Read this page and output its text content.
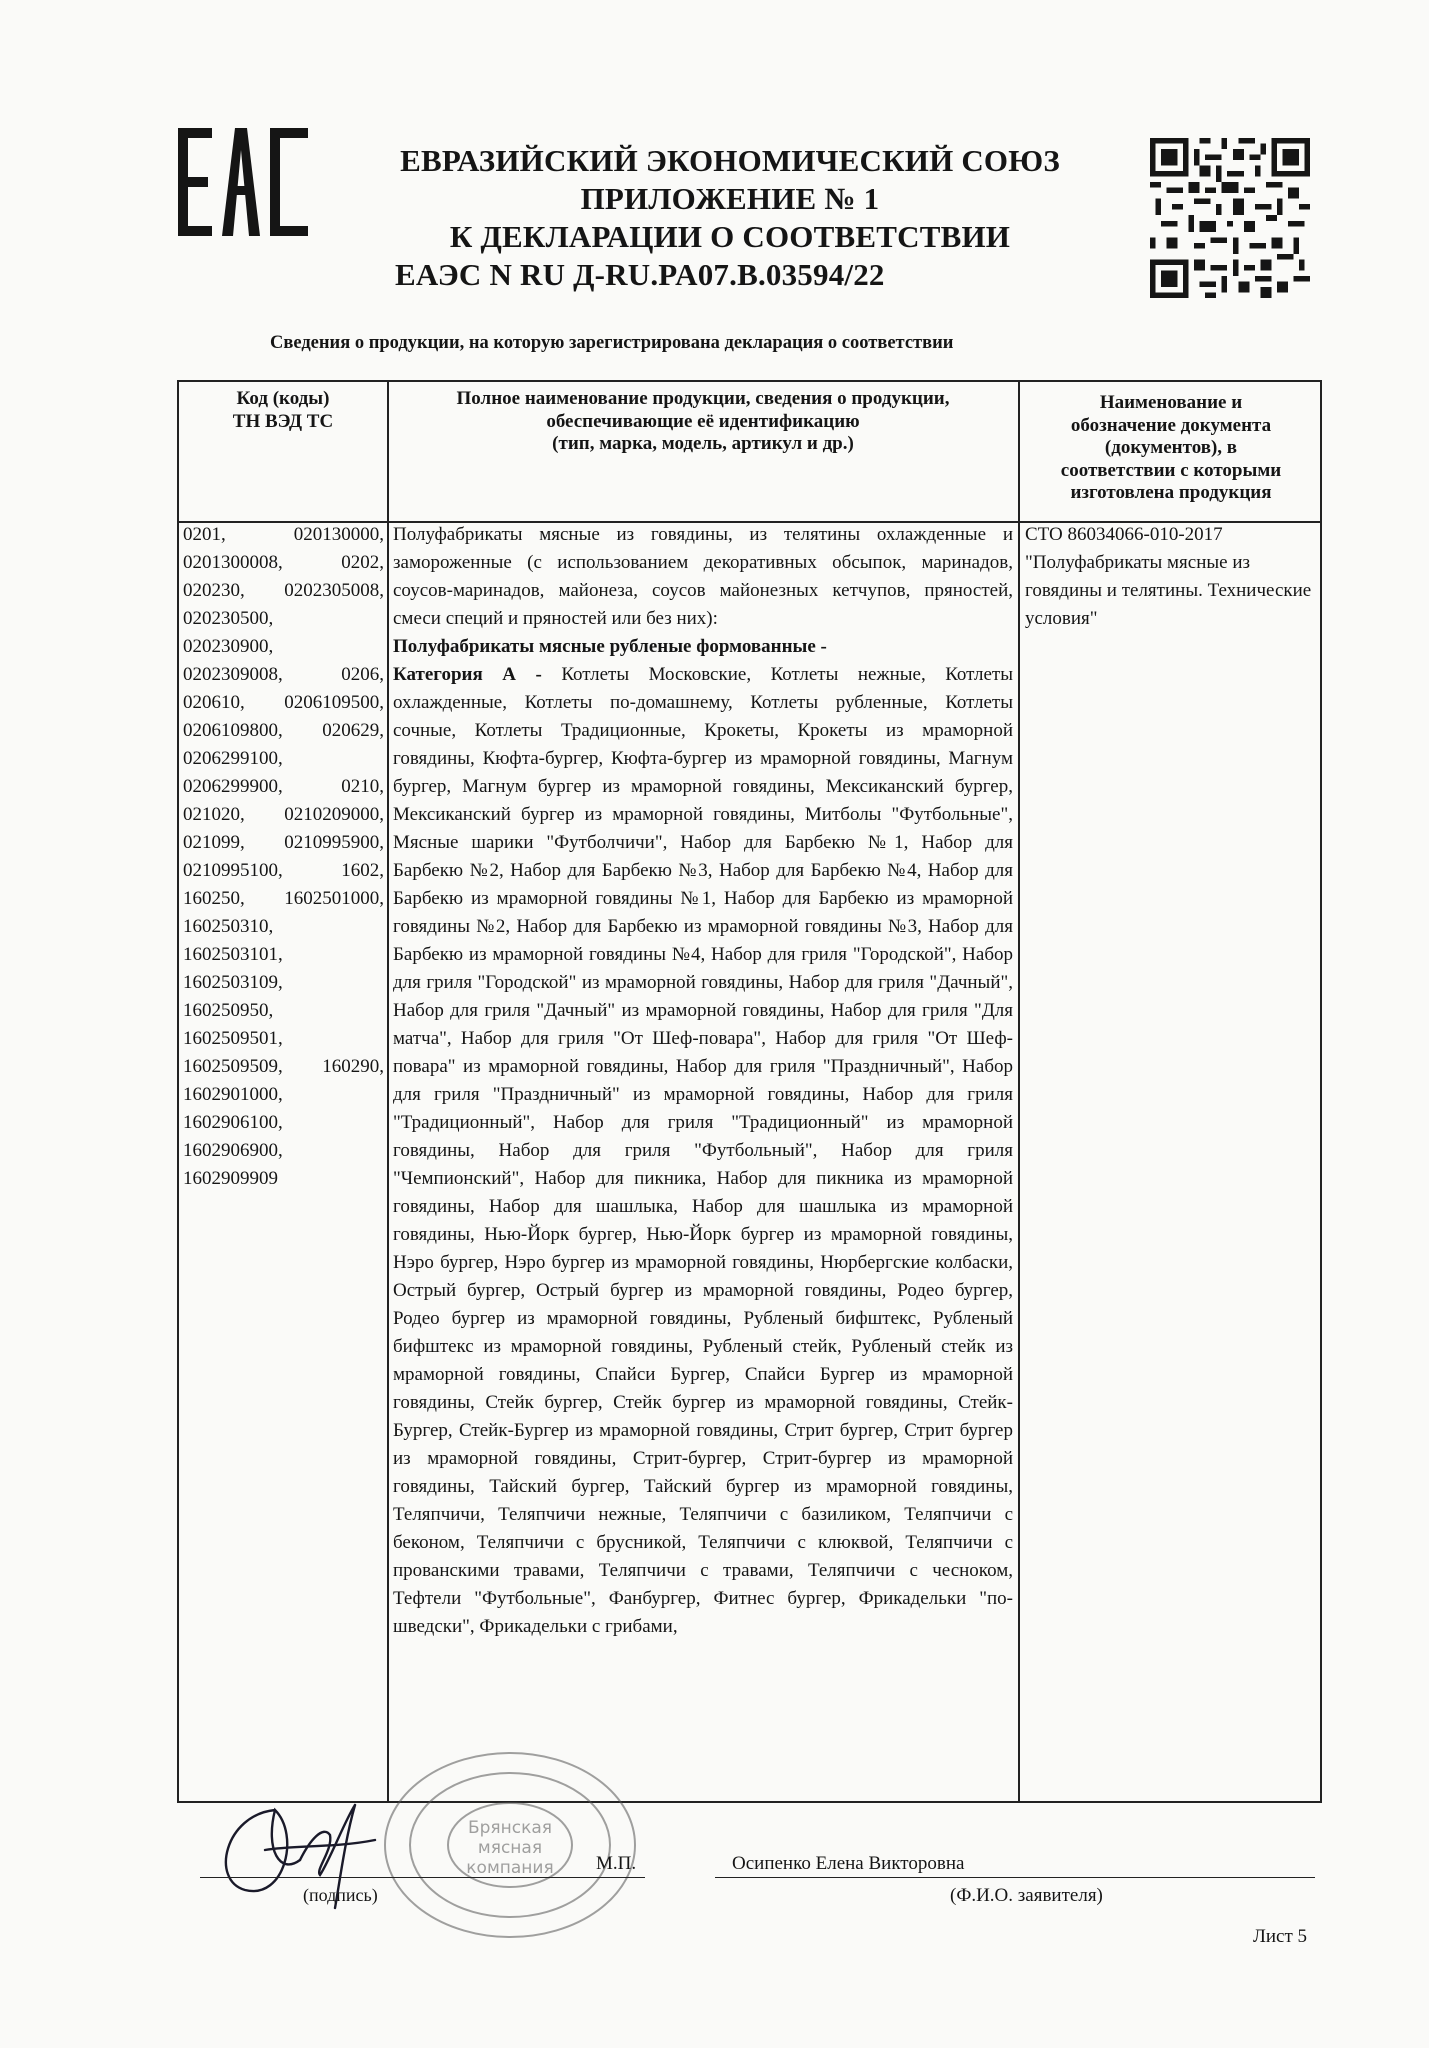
ЕВРАЗИЙСКИЙ ЭКОНОМИЧЕСКИЙ СОЮЗ
ПРИЛОЖЕНИЕ № 1
К ДЕКЛАРАЦИИ О СООТВЕТСТВИИ
ЕАЭС N RU Д-RU.PA07.B.03594/22
Сведения о продукции, на которую зарегистрирована декларация о соответствии
Код (коды)
ТН ВЭД ТС
Полное наименование продукции, сведения о продукции,
обеспечивающие её идентификацию
(тип, марка, модель, артикул и др.)
Наименование и
обозначение документа
(документов), в
соответствии с которыми
изготовлена продукция
0201, 020130000,
0201300008, 0202,
020230, 0202305008,
020230500,
020230900,
0202309008, 0206,
020610, 0206109500,
0206109800, 020629,
0206299100,
0206299900, 0210,
021020, 0210209000,
021099, 0210995900,
0210995100, 1602,
160250, 1602501000,
160250310,
1602503101,
1602503109,
160250950,
1602509501,
1602509509, 160290,
1602901000,
1602906100,
1602906900,
1602909909

Полуфабрикаты мясные из говядины, из телятины охлажденные и замороженные (с использованием декоративных обсыпок, маринадов, соусов-маринадов, майонеза, соусов майонезных кетчупов, пряностей, смеси специй и пряностей или без них):

Полуфабрикаты мясные рубленые формованные -

Категория А - Котлеты Московские, Котлеты нежные, Котлеты охлажденные, Котлеты по-домашнему, Котлеты рубленные, Котлеты сочные, Котлеты Традиционные, Крокеты, Крокеты из мраморной говядины, Кюфта-бургер, Кюфта-бургер из мраморной говядины, Магнум бургер, Магнум бургер из мраморной говядины, Мексиканский бургер, Мексиканский бургер из мраморной говядины, Митболы "Футбольные", Мясные шарики "Футболчичи", Набор для Барбекю №1, Набор для Барбекю №2, Набор для Барбекю №3, Набор для Барбекю №4, Набор для Барбекю из мраморной говядины №1, Набор для Барбекю из мраморной говядины №2, Набор для Барбекю из мраморной говядины №3, Набор для Барбекю из мраморной говядины №4, Набор для гриля "Городской", Набор для гриля "Городской" из мраморной говядины, Набор для гриля "Дачный", Набор для гриля "Дачный" из мраморной говядины, Набор для гриля "Для матча", Набор для гриля "От Шеф-повара", Набор для гриля "От Шеф-повара" из мраморной говядины, Набор для гриля "Праздничный", Набор для гриля "Праздничный" из мраморной говядины, Набор для гриля "Традиционный", Набор для гриля "Традиционный" из мраморной говядины, Набор для гриля "Футбольный", Набор для гриля "Чемпионский", Набор для пикника, Набор для пикника из мраморной говядины, Набор для шашлыка, Набор для шашлыка из мраморной говядины, Нью-Йорк бургер, Нью-Йорк бургер из мраморной говядины, Нэро бургер, Нэро бургер из мраморной говядины, Нюрбергские колбаски, Острый бургер, Острый бургер из мраморной говядины, Родео бургер, Родео бургер из мраморной говядины, Рубленый бифштекс, Рубленый бифштекс из мраморной говядины, Рубленый стейк, Рубленый стейк из мраморной говядины, Спайси Бургер, Спайси Бургер из мраморной говядины, Стейк бургер, Стейк бургер из мраморной говядины, Стейк-Бургер, Стейк-Бургер из мраморной говядины, Стрит бургер, Стрит бургер из мраморной говядины, Стрит-бургер, Стрит-бургер из мраморной говядины, Тайский бургер, Тайский бургер из мраморной говядины, Теляпчичи, Теляпчичи нежные, Теляпчичи с базиликом, Теляпчичи с беконом, Теляпчичи с брусникой, Теляпчичи с клюквой, Теляпчичи с прованскими травами, Теляпчичи с травами, Теляпчичи с чесноком, Тефтели "Футбольные", Фанбургер, Фитнес бургер, Фрикадельки "по-шведски", Фрикадельки с грибами,

СТО 86034066-010-2017 "Полуфабрикаты мясные из говядины и телятины. Технические условия"
Брянская
мясная
компания М.П.	Осипенко Елена Викторовна
(подпись)	(Ф.И.О. заявителя)
Лист 5
